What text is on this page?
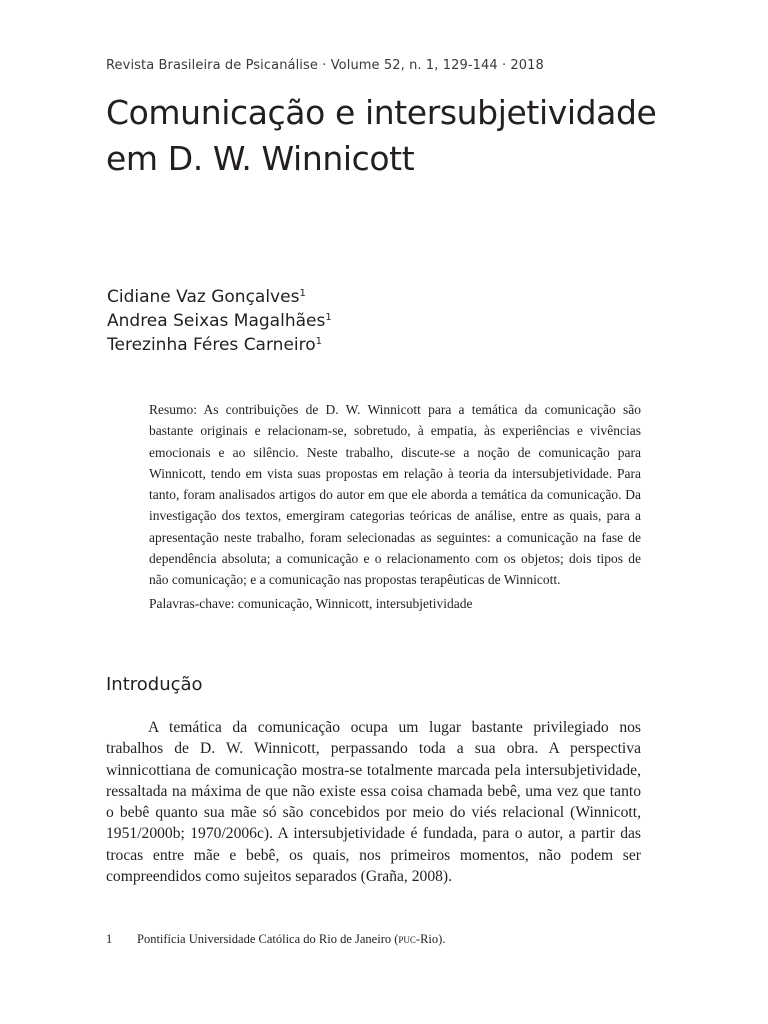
Revista Brasileira de Psicanálise · Volume 52, n. 1, 129-144 · 2018
Comunicação e intersubjetividade
em D. W. Winnicott
Cidiane Vaz Gonçalves$^1$
Andrea Seixas Magalhães$^1$
Terezinha Féres Carneiro$^1$

Resumo: As contribuições de D. W. Winnicott para a temática da comunicação são bastante originais e relacionam-se, sobretudo, à empatia, às experiências e vivências emocionais e ao silêncio. Neste trabalho, discute-se a noção de comunicação para Winnicott, tendo em vista suas propostas em relação à teoria da intersubjetividade. Para tanto, foram analisados artigos do autor em que ele aborda a temática da comunicação. Da investigação dos textos, emergiram categorias teóricas de análise, entre as quais, para a apresentação neste trabalho, foram selecionadas as seguintes: a comunicação na fase de dependência absoluta; a comunicação e o relacionamento com os objetos; dois tipos de não comunicação; e a comunicação nas propostas terapêuticas de Winnicott.

Palavras-chave: comunicação, Winnicott, intersubjetividade

Introdução

A temática da comunicação ocupa um lugar bastante privilegiado nos trabalhos de D. W. Winnicott, perpassando toda a sua obra. A perspectiva winnicottiana de comunicação mostra-se totalmente marcada pela intersubjetividade, ressaltada na máxima de que não existe essa coisa chamada bebê, uma vez que tanto o bebê quanto sua mãe só são concebidos por meio do viés relacional (Winnicott, 1951/2000b; 1970/2006c). A intersubjetividade é fundada, para o autor, a partir das trocas entre mãe e bebê, os quais, nos primeiros momentos, não podem ser compreendidos como sujeitos separados (Graña, 2008).

1 Pontifícia Universidade Católica do Rio de Janeiro (puc-Rio).
